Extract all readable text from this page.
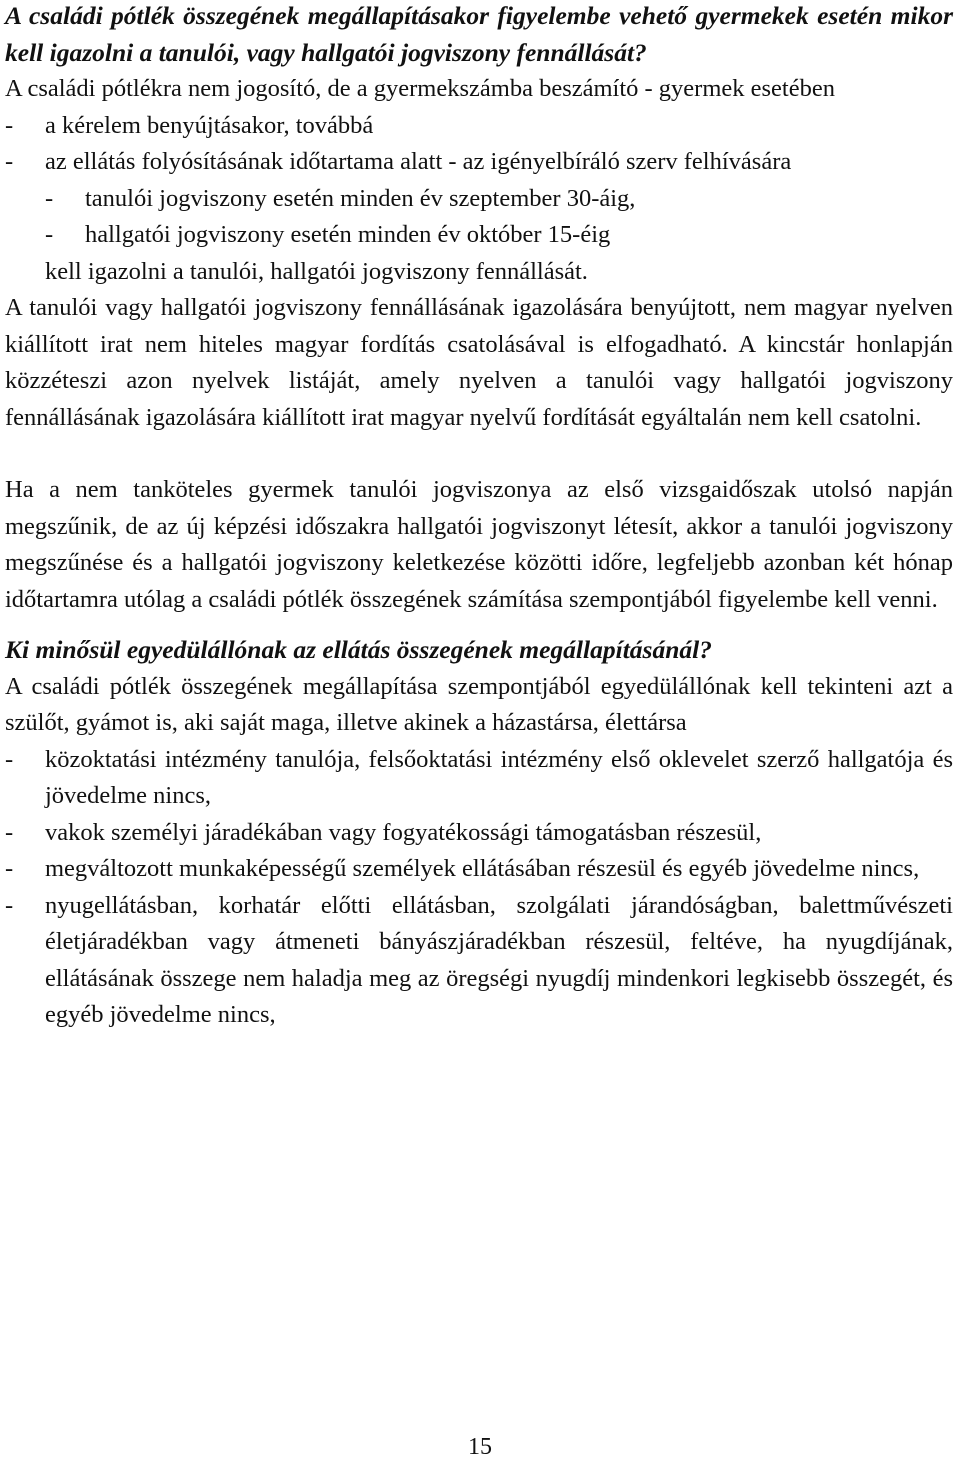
A családi pótlék összegének megállapításakor figyelembe vehető gyermekek esetén mikor kell igazolni a tanulói, vagy hallgatói jogviszony fennállását?

A családi pótlékra nem jogosító, de a gyermekszámba beszámító - gyermek esetében

- a kérelem benyújtásakor, továbbá
- az ellátás folyósításának időtartama alatt - az igényelbíráló szerv felhívására
- tanulói jogviszony esetén minden év szeptember 30-áig,
- hallgatói jogviszony esetén minden év október 15-éig
kell igazolni a tanulói, hallgatói jogviszony fennállását.

A tanulói vagy hallgatói jogviszony fennállásának igazolására benyújtott, nem magyar nyelven kiállított irat nem hiteles magyar fordítás csatolásával is elfogadható. A kincstár honlapján közzéteszi azon nyelvek listáját, amely nyelven a tanulói vagy hallgatói jogviszony fennállásának igazolására kiállított irat magyar nyelvű fordítását egyáltalán nem kell csatolni.

Ha a nem tanköteles gyermek tanulói jogviszonya az első vizsgaidőszak utolsó napján megszűnik, de az új képzési időszakra hallgatói jogviszonyt létesít, akkor a tanulói jogviszony megszűnése és a hallgatói jogviszony keletkezése közötti időre, legfeljebb azonban két hónap időtartamra utólag a családi pótlék összegének számítása szempontjából figyelembe kell venni.

Ki minősül egyedülállónak az ellátás összegének megállapításánál?

A családi pótlék összegének megállapítása szempontjából egyedülállónak kell tekinteni azt a szülőt, gyámot is, aki saját maga, illetve akinek a házastársa, élettársa

- közoktatási intézmény tanulója, felsőoktatási intézmény első oklevelet szerző hallgatója és jövedelme nincs,
- vakok személyi járadékában vagy fogyatékossági támogatásban részesül,
- megváltozott munkaképességű személyek ellátásában részesül és egyéb jövedelme nincs,
- nyugellátásban, korhatár előtti ellátásban, szolgálati járandóságban, balettművészeti életjáradékban vagy átmeneti bányászjáradékban részesül, feltéve, ha nyugdíjának, ellátásának összege nem haladja meg az öregségi nyugdíj mindenkori legkisebb összegét, és egyéb jövedelme nincs,
15
